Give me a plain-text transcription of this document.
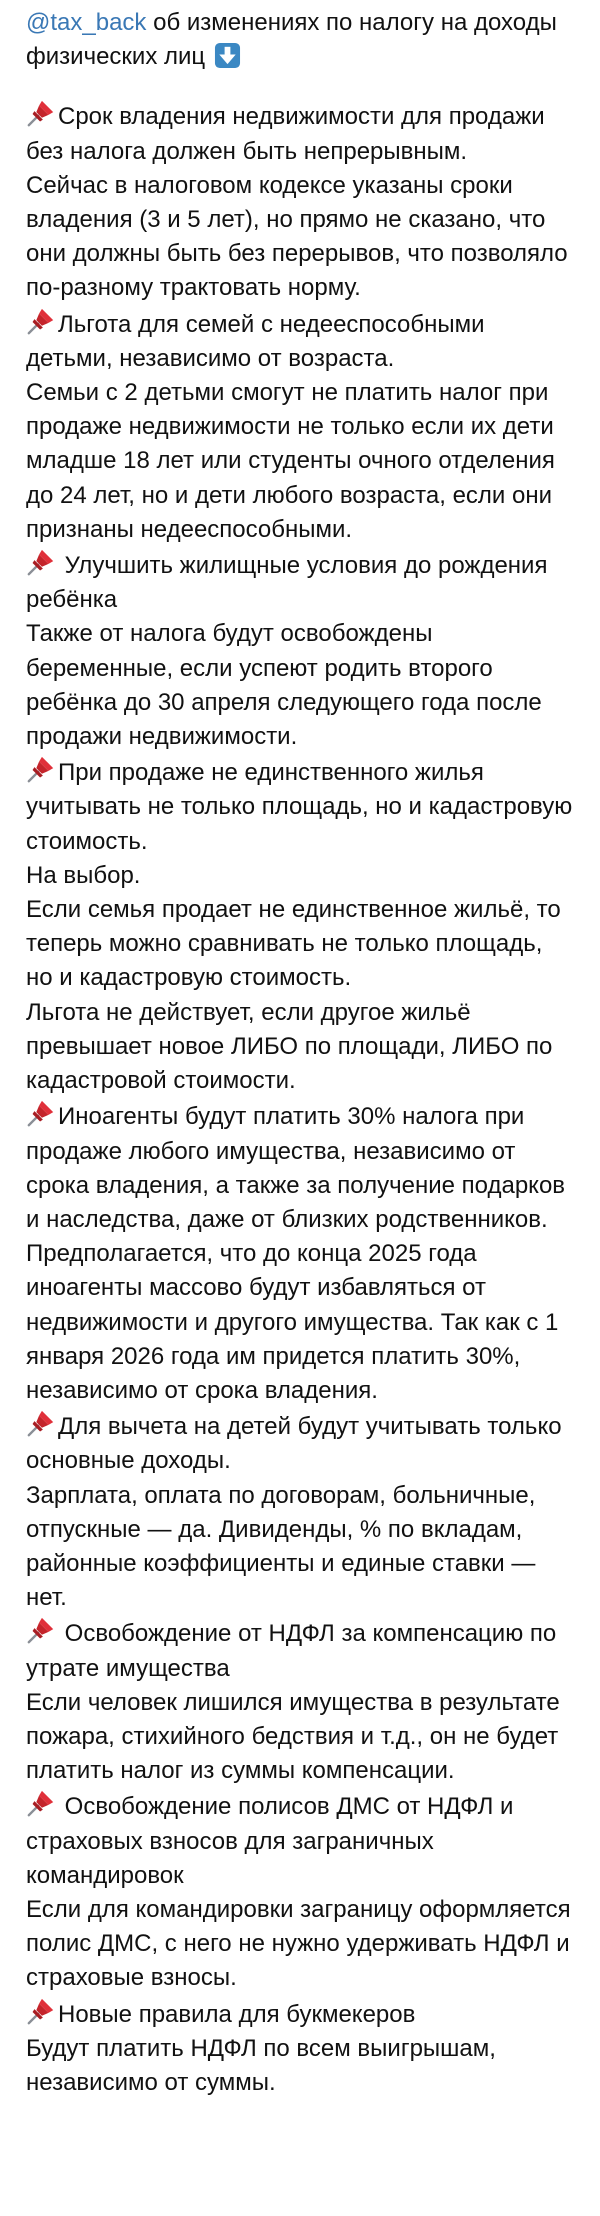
@tax_back об изменениях по налогу на доходы физических лиц

Срок владения недвижимости для продажи без налога должен быть непрерывным.

Сейчас в налоговом кодексе указаны сроки владения (3 и 5 лет), но прямо не сказано, что они должны быть без перерывов, что позволяло по-разному трактовать норму.

Льгота для семей с недееспособными детьми, независимо от возраста.

Семьи с 2 детьми смогут не платить налог при продаже недвижимости не только если их дети младше 18 лет или студенты очного отделения до 24 лет, но и дети любого возраста, если они признаны недееспособными.

Улучшить жилищные условия до рождения ребёнка

Также от налога будут освобождены беременные, если успеют родить второго ребёнка до 30 апреля следующего года после продажи недвижимости.

При продаже не единственного жилья учитывать не только площадь, но и кадастровую стоимость.

На выбор.

Если семья продает не единственное жильё, то теперь можно сравнивать не только площадь, но и кадастровую стоимость.

Льгота не действует, если другое жильё превышает новое ЛИБО по площади, ЛИБО по кадастровой стоимости.

Иноагенты будут платить 30% налога при продаже любого имущества, независимо от срока владения, а также за получение подарков и наследства, даже от близких родственников.

Предполагается, что до конца 2025 года иноагенты массово будут избавляться от недвижимости и другого имущества. Так как с 1 января 2026 года им придется платить 30%, независимо от срока владения.

Для вычета на детей будут учитывать только основные доходы.

Зарплата, оплата по договорам, больничные, отпускные — да. Дивиденды, % по вкладам, районные коэффициенты и единые ставки — нет.

Освобождение от НДФЛ за компенсацию по утрате имущества

Если человек лишился имущества в результате пожара, стихийного бедствия и т.д., он не будет платить налог из суммы компенсации.

Освобождение полисов ДМС от НДФЛ и страховых взносов для заграничных командировок

Если для командировки заграницу оформляется полис ДМС, с него не нужно удерживать НДФЛ и страховые взносы.

Новые правила для букмекеров

Будут платить НДФЛ по всем выигрышам, независимо от суммы.
